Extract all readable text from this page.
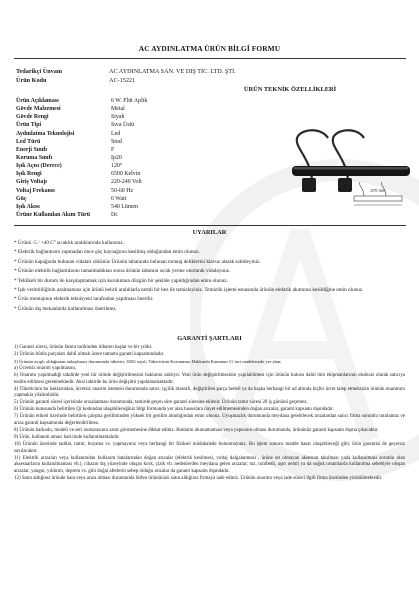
AC AYDINLATMA ÜRÜN BİLGİ FORMU
Tedarikçi Ünvanı	AC AYDINLATMA SAN. VE DIŞ TİC. LTD. ŞTİ.
Ürün Kodu	AC-15221
ÜRÜN TEKNİK ÖZELLİKLERİ
Ürün Açıklaması	6 W. Flüt Aplik
Gövde Malzemesi	Metal
Gövde Rengi	Siyah
Ürün Tipi	Sıva Üstü
Aydınlatma Teknolojisi	Led
Led Türü	Smd
Enerji Sınıfı	F
Koruma Sınıfı	Ip20
Işık Açısı (Derece)	120°
Işık Rengi	6500 Kelvin
Giriş Voltajı	220-240 Volt
Voltaj Frekansı	50-60 Hz
Güç	6 Watt
Işık Akısı	540 Lümen
Ürüne Kullanılan Akım Türü	Dc
370 mm
UYARILAR

* Ürünü -5 / +40 C° sıcaklık aralıklarında kullanınız.

* Elektrik bağlantısını yapmadan önce güç kaynağının kesilmiş olduğundan emin olunuz.

* Ürünün kapağında bulunan vidaları sökünüz Ürünün tabanında bulunan montaj deliklerini klavuz alarak sabitleyiniz.

* Ürünün elektrik bağlantılarını tamamladıktan sonra ürünün tabanını sıcak yerine oturtarak vidalayınız.

* Tehlikeli bir durum ile karşılaşmamak için kurulumun düzgün bir şekilde yapıldığından emin olunuz.

* Işık verimliliğinin azalmaması için ürünü belirli aralıklarla nemli bir bez ile temizleyiniz. Temizlik işlemi esnasında ürünün elektrik akımının kesildiğine emin olunuz.

* Ürün montajının elektrik teknisyeni tarafından yapılması önerilir.

* Ürünün dış mekanlarda kullanılması önerilmez.

GARANTİ ŞARTLARI

1) Garanti süresi, ürünün fatura tarihinden itibaren başlar ve bir yıldır.

2) Ürünün bütün parçaları dahil olmak üzere tamamı garanti kapsamındadır.

3) Ürünün ayıplı olduğunun anlaşılması durumunda tüketici, 6502 sayılı Tüketicinin Korunması Hakkında Kanunun 11 inci maddesinde yer alan;

a) Ücretsiz onarım yapılmasını,

b) Onarımı yapılmadığı takdirde yeni bir ürünle değiştirilmesini haklarını saklıyır. Yeni ürün değiştirilmesinin yapılabilmesi için ürünün kutusu dahil tüm ekipmanlarının eksiksiz olarak satıcıya teslim edilmesi gerekmektedir. Aksi taktirde bu ürün değişimi yapılamamaktadır.

4) Tüketicinin bu haklarından, ücretsiz onarım istemesi durumunda satıcı; işçilik masrafı, değiştirilen parça bedeli ya da başka herhangi bir ad altında hiçbir ücret talep etmeksizin ürünün onarımını yapmakla yükümlüdür.

5) Ürünün garanti süresi içerisinde arızalanması durumunda, tamirde geçen süre garanti süresine eklenir. Ürünün tamir süresi 20 iş gününü geçemez.

6) Ürünün kutusunda belirtilen Qr kodundan ulaşabileceğiniz bilgi formunda yer alan hususlara riayet edilmemesinden doğan arızalar, garanti kapsamı dışındadır.

7) Ürünün etiketi üzerinde belirtilen çalışma geriliminden yüksek bir gerilim alındığından emin olunuz. Uyuşmazlık durumunda meydana gelebilecek arızalardan satıcı firma sorumlu tutulamaz ve arıza garanti kapsamında değerlendirilmez.

8) Ürünün barkodu, modeli ve seri numarasının zarar görmemesine dikkat ediniz. Bunların okunamaması veya yapısının olması durumunda, ürününüz garanti kapsamı dışına çıkacaktır.

9) Ürün, kullanım amacı haricinde kullanılmamalıdır.

10) Ürünün üzerinde tadilat, tamir, boyama vs. yapmayınız veya herhangi bir fiziksel müdahalede bulunmayınız. Bu işlem sonucu madde hasar oluşabileceği gibi, ürün garantisi de geçersiz sayılacaktır.

11) Elektrik arızaları veya kullanımdan kullanım hatalarından doğan arızalar (elektrik kesilmesi, voltaj dalgalanması , ürüne ait olmayan aksesuar takılması yada kullanılması zorunlu olan aksesuarların kullanılmaması vb.), cihazın dış yüzeyinde oluşan kırık, çizik vb. nedenlerden meydana gelen arızalar; toz, rutubetli, aşırı nemli ya da soğuk ortamlarda kullanılma sebebiyle oluşan arızalar, yangın, yıldırım, deprem vs. gibi doğal afetlerin sebep olduğu arızalar da garanti kapsamı dışındadır.

12) Satın aldığınız üründe hata veya arıza olması durumunda lütfen ürününüzü satın aldığınız firmaya iade ediniz. Ürünün onarımı veya iade süreci ilgili firma üzerinden yürütülmektedir.
